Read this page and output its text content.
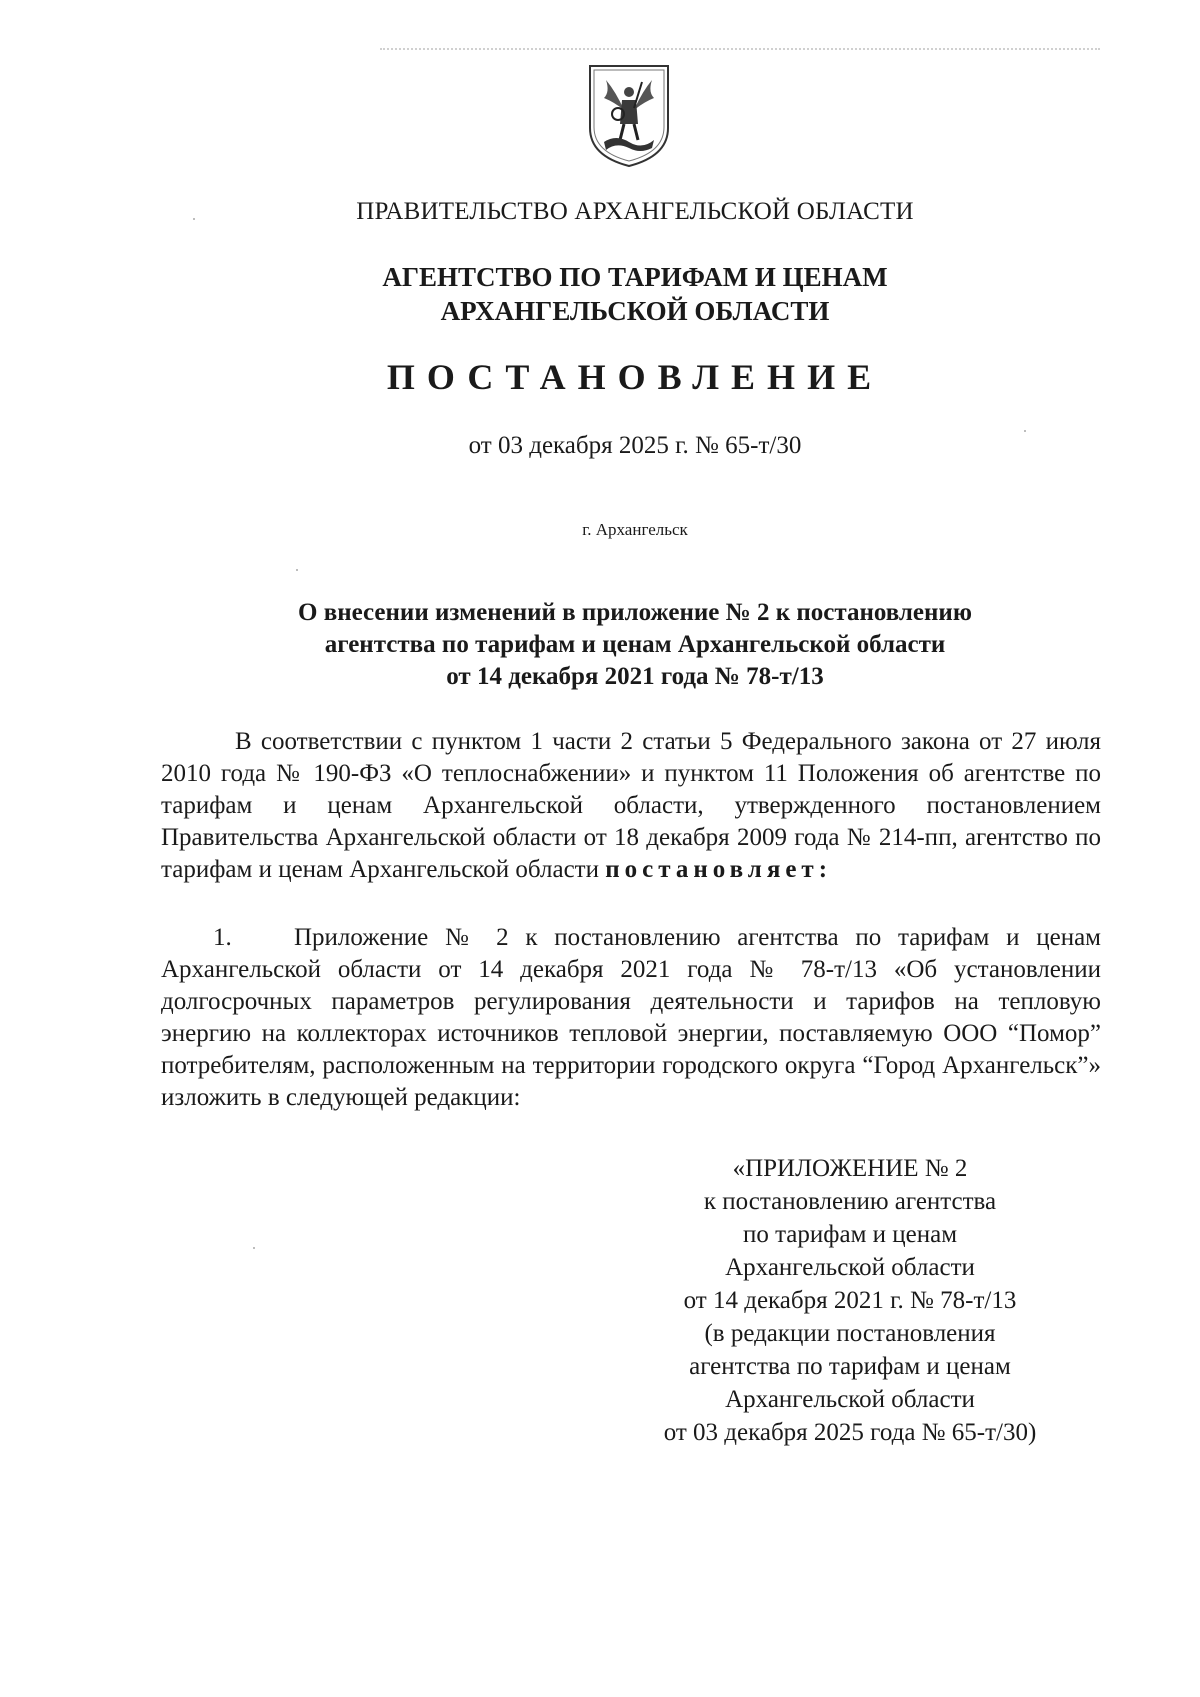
ПРАВИТЕЛЬСТВО АРХАНГЕЛЬСКОЙ ОБЛАСТИ
АГЕНТСТВО ПО ТАРИФАМ И ЦЕНАМ
АРХАНГЕЛЬСКОЙ ОБЛАСТИ
ПОСТАНОВЛЕНИЕ
от 03 декабря 2025 г. № 65-т/30
г. Архангельск
О внесении изменений в приложение № 2 к постановлению
агентства по тарифам и ценам Архангельской области
от 14 декабря 2021 года № 78-т/13
В соответствии с пунктом 1 части 2 статьи 5 Федерального закона от 27 июля 2010 года № 190-ФЗ «О теплоснабжении» и пунктом 11 Положения об агентстве по тарифам и ценам Архангельской области, утвержденного постановлением Правительства Архангельской области от 18 декабря 2009 года № 214-пп, агентство по тарифам и ценам Архангельской области постановляет:
1. Приложение № 2 к постановлению агентства по тарифам и ценам Архангельской области от 14 декабря 2021 года № 78-т/13 «Об установлении долгосрочных параметров регулирования деятельности и тарифов на тепловую энергию на коллекторах источников тепловой энергии, поставляемую ООО “Помор” потребителям, расположенным на территории городского округа “Город Архангельск”» изложить в следующей редакции:
«ПРИЛОЖЕНИЕ № 2
к постановлению агентства
по тарифам и ценам
Архангельской области
от 14 декабря 2021 г. № 78-т/13
(в редакции постановления
агентства по тарифам и ценам
Архангельской области
от 03 декабря 2025 года № 65-т/30)
